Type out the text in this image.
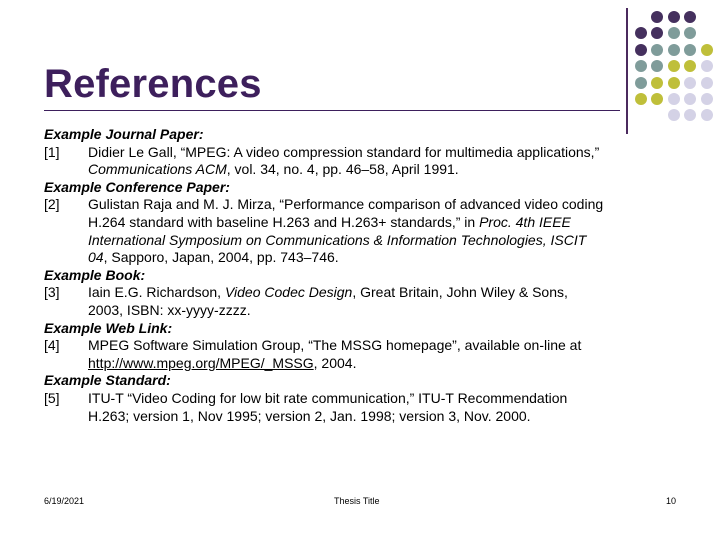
References
Example Journal Paper:
[1]	Didier Le Gall, “MPEG: A video compression standard for multimedia applications,”
Communications ACM, vol. 34, no. 4, pp. 46–58, April 1991.
Example Conference Paper:
[2]	Gulistan Raja and M. J. Mirza, “Performance comparison of advanced video coding
H.264 standard with baseline H.263 and H.263+ standards,” in Proc. 4th IEEE
International Symposium on Communications & Information Technologies, ISCIT
04, Sapporo, Japan, 2004, pp. 743–746.
Example Book:
[3]	Iain E.G. Richardson, Video Codec Design, Great Britain, John Wiley & Sons,
2003, ISBN: xx-yyyy-zzzz.
Example Web Link:
[4]	MPEG Software Simulation Group, “The MSSG homepage”, available on-line at
http://www.mpeg.org/MPEG/_MSSG, 2004.
Example Standard:
[5]	ITU-T “Video Coding for low bit rate communication,” ITU-T Recommendation
H.263; version 1, Nov 1995; version 2, Jan. 1998; version 3, Nov. 2000.
6/19/2021	Thesis Title	10
